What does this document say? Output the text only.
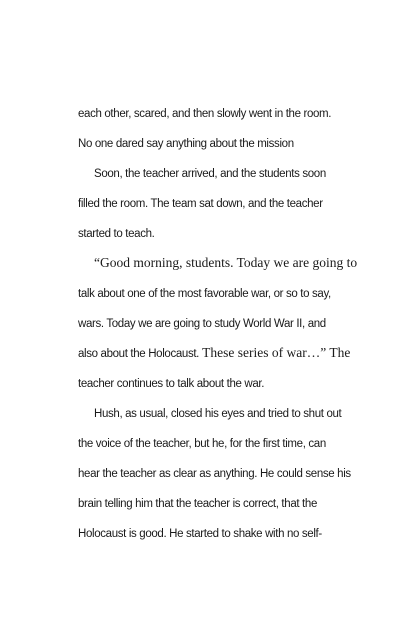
each other, scared, and then slowly went in the room.
No one dared say anything about the mission
Soon, the teacher arrived, and the students soon
filled the room. The team sat down, and the teacher
started to teach.
“Good morning, students. Today we are going to
talk about one of the most favorable war, or so to say,
wars. Today we are going to study World War II, and
also about the Holocaust. These series of war…” The
teacher continues to talk about the war.
Hush, as usual, closed his eyes and tried to shut out
the voice of the teacher, but he, for the first time, can
hear the teacher as clear as anything. He could sense his
brain telling him that the teacher is correct, that the
Holocaust is good. He started to shake with no self-
